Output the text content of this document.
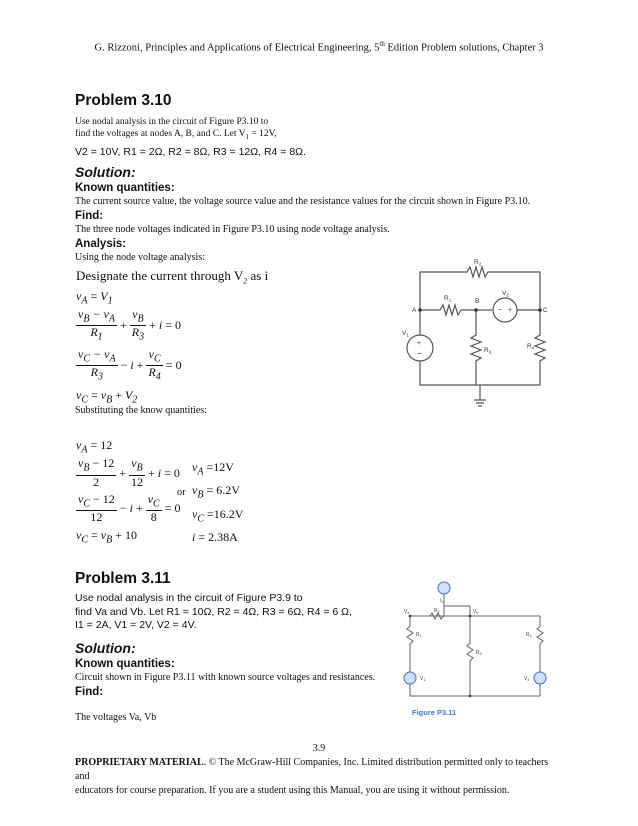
G. Rizzoni, Principles and Applications of Electrical Engineering, 5th Edition Problem solutions, Chapter 3
Problem 3.10
Use nodal analysis in the circuit of Figure P3.10 to
find the voltages at nodes A, B, and C. Let $V_1 = 12V$,
V2 = 10V, R1 = 2Ω, R2 = 8Ω, R3 = 12Ω, R4 = 8Ω.
Solution:
Known quantities:
The current source value, the voltage source value and the resistance values for the circuit shown in Figure P3.10.
Find:
The three node voltages indicated in Figure P3.10 using node voltage analysis.
Analysis:
Using the node voltage analysis:
Designate the current through $V_2$ as i
$v_A = V_1$
$\frac{v_B - v_A}{R_1} + \frac{v_B}{R_3} + i = 0$
$\frac{v_C - v_A}{R_3} - i + \frac{v_C}{R_4} = 0$
$v_C = v_B + V_2$
Substituting the know quantities:
$v_A = 12$
$\frac{v_B - 12}{2} + \frac{v_B}{12} + i = 0$
$\frac{v_C - 12}{12} - i + \frac{v_C}{8} = 0$
$v_C = v_B + 10$
or
$v_A =12V$
$v_B = 6.2V$
$v_C =16.2V$
i = 2.38A
$R_2$
$R_1$	B
$V_2$
A	C
$V_1$
$R_3$
$R_4$
− +
+
−
Problem 3.11
Use nodal analysis in the circuit of Figure P3.9 to
find Va and Vb. Let R1 = 10Ω, R2 = 4Ω, R3 = 6Ω, R4 = 6 Ω,
I1 = 2A, V1 = 2V, V2 = 4V.
Solution:
Known quantities:
Circuit shown in Figure P3.11 with known source voltages and resistances.
Find:
The voltages Va, Vb
$I_1$
$R_2$
$V_a$	$V_b$
$R_1$	$R_4$
$R_3$
$V_1$	$V_2$
Figure P3.11
3.9
PROPRIETARY MATERIAL. © The McGraw-Hill Companies, Inc. Limited distribution permitted only to teachers and
educators for course preparation. If you are a student using this Manual, you are using it without permission.
